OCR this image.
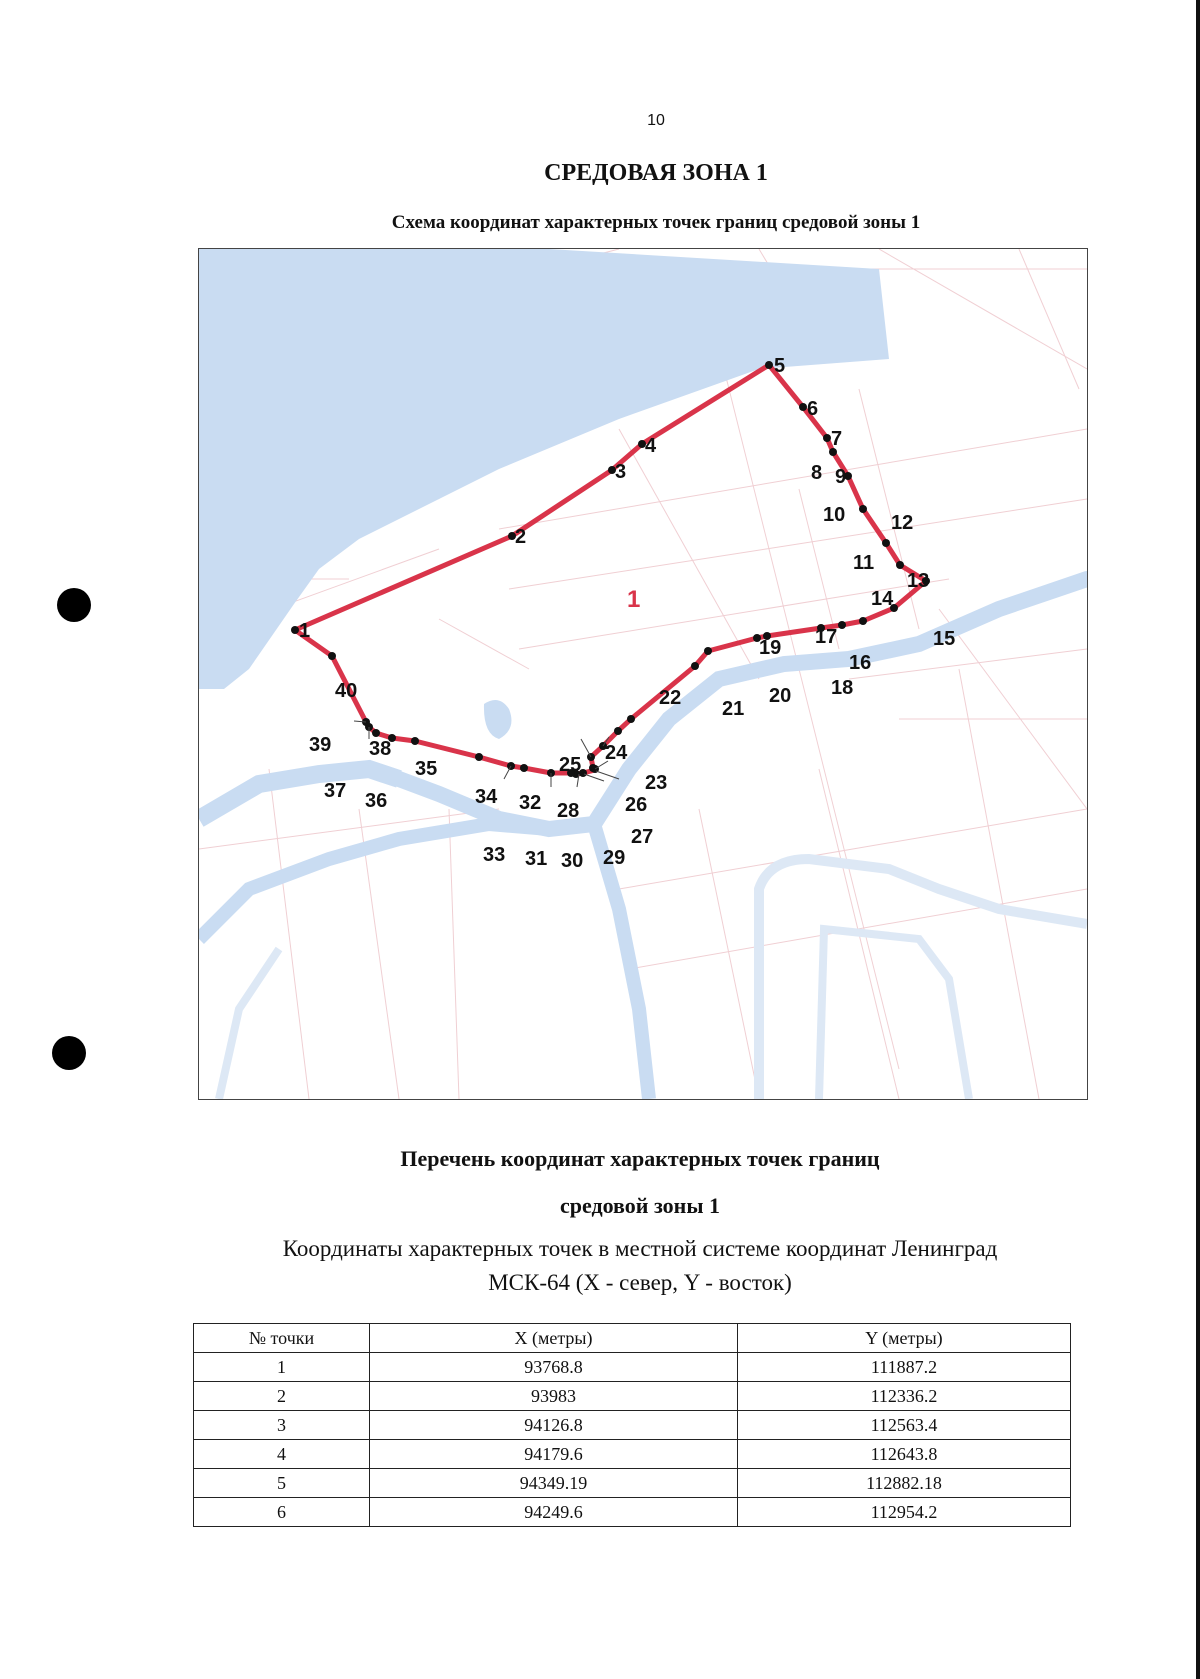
10
СРЕДОВАЯ ЗОНА 1
Схема координат характерных точек границ средовой зоны 1
1
2
3
4
5
6
7
8 9
10
11
12
13
14
15
16
17
18
19
20
21
22
23
24
25
26
27
28
29
30
31
32
33
34
35
36
37
38
39
40
1
Перечень координат характерных точек границ
средовой зоны 1
Координаты характерных точек в местной системе координат Ленинград
МСК-64 (X - север, Y - восток)
№ точки	X (метры)	Y (метры)
1	93768.8	111887.2
2	93983	112336.2
3	94126.8	112563.4
4	94179.6	112643.8
5	94349.19	112882.18
6	94249.6	112954.2
